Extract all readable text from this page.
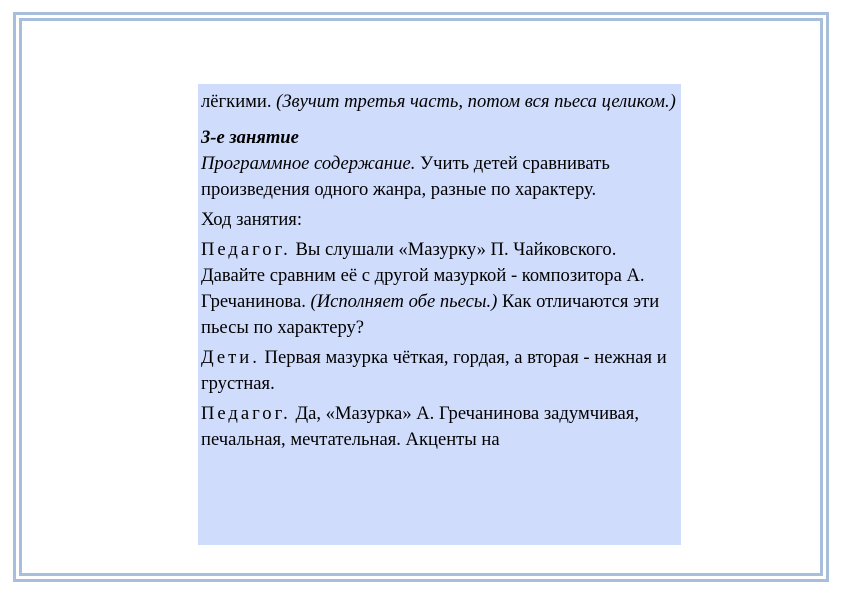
лёгкими. (Звучит третья часть, потом вся пьеса целиком.)

3-е занятие

Программное содержание. Учить детей сравнивать произведения одного жанра, разные по характеру.

Ход занятия:

Педагог. Вы слушали «Мазурку» П. Чайковского. Давайте сравним её с другой мазуркой - композитора А. Гречанинова. (Исполняет обе пьесы.) Как отличаются эти пьесы по характеру?

Дети. Первая мазурка чёткая, гордая, а вторая - нежная и грустная.

Педагог. Да, «Мазурка» А. Гречанинова задумчивая, печальная, мечтательная. Акценты на
